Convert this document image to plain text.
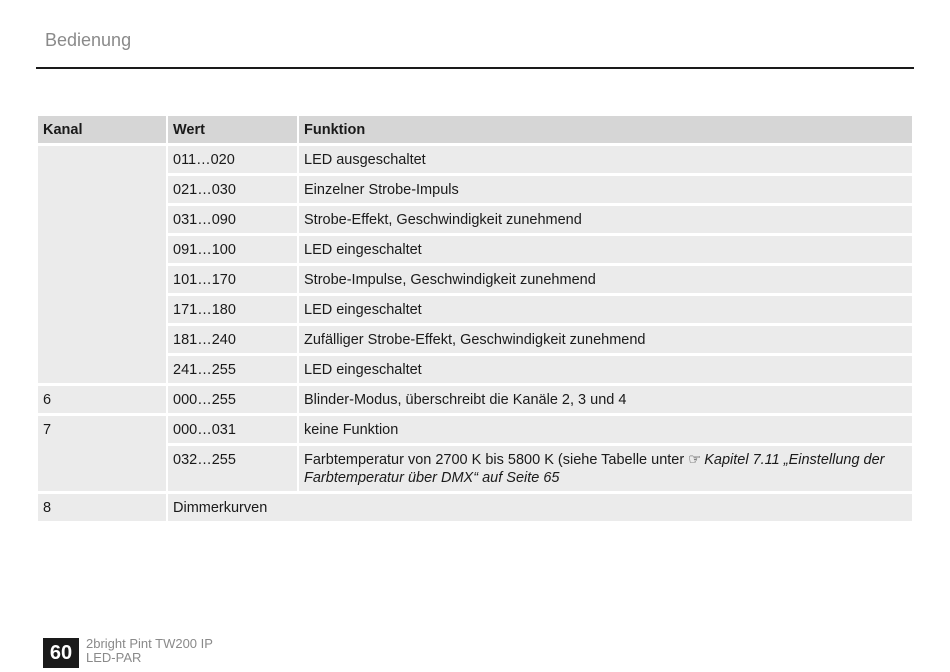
Bedienung
Kanal	Wert	Funktion
	011…020	LED ausgeschaltet
	021…030	Einzelner Strobe-Impuls
	031…090	Strobe-Effekt, Geschwindigkeit zunehmend
	091…100	LED eingeschaltet
	101…170	Strobe-Impulse, Geschwindigkeit zunehmend
	171…180	LED eingeschaltet
	181…240	Zufälliger Strobe-Effekt, Geschwindigkeit zunehmend
	241…255	LED eingeschaltet
6	000…255	Blinder-Modus, überschreibt die Kanäle 2, 3 und 4
7	000…031	keine Funktion
	032…255	Farbtemperatur von 2700 K bis 5800 K (siehe Tabelle unter ☞ Kapitel 7.11 „Einstellung der Farbtemperatur über DMX“ auf Seite 65
8	Dimmerkurven	
60	2bright Pint TW200 IP
LED-PAR
